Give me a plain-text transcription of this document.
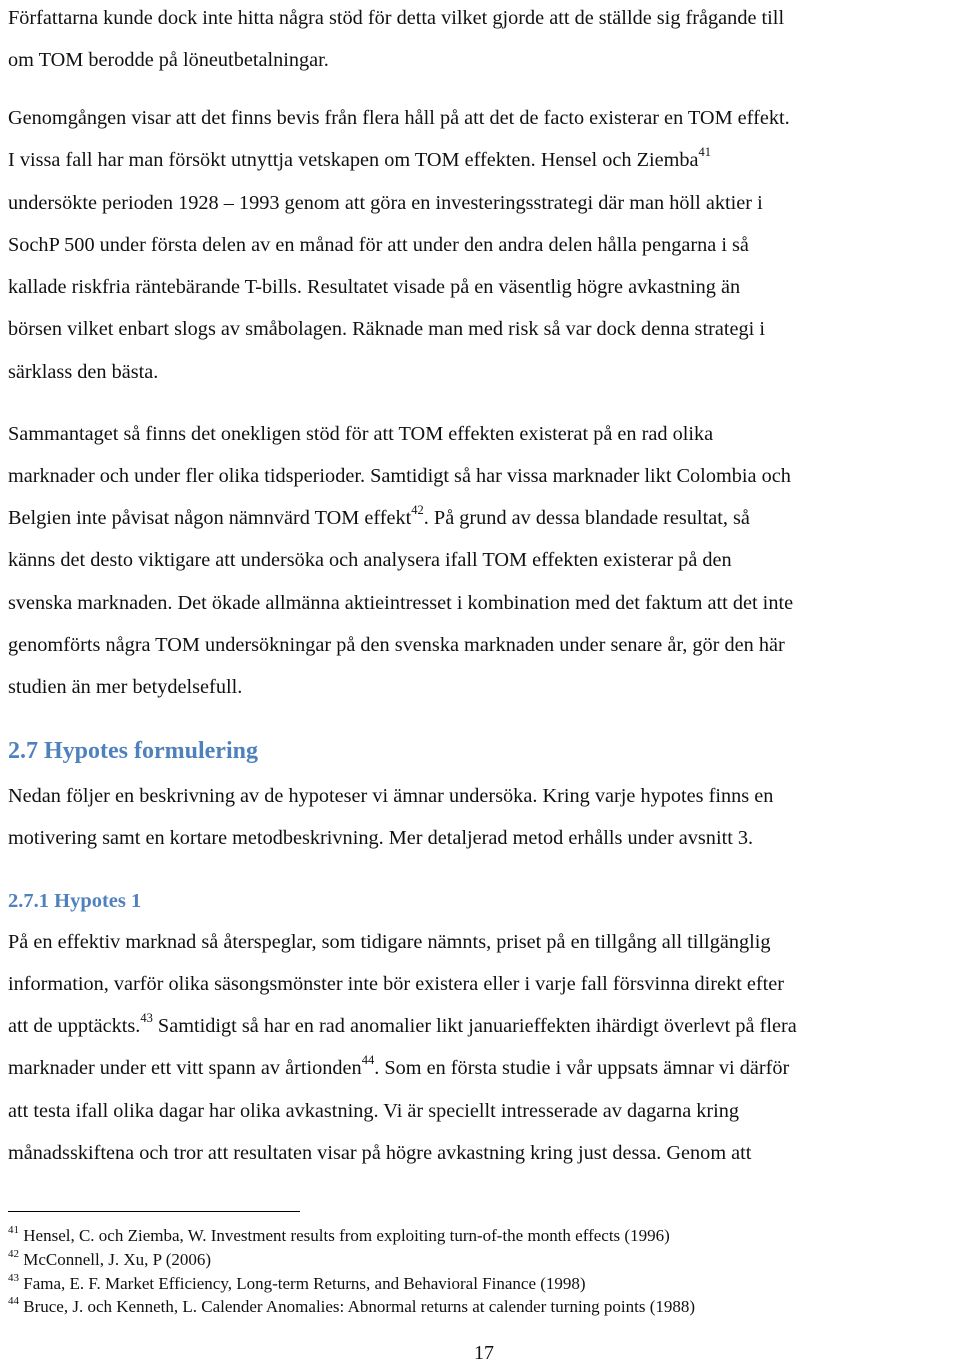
Författarna kunde dock inte hitta några stöd för detta vilket gjorde att de ställde sig frågande till
om TOM berodde på löneutbetalningar.
Genomgången visar att det finns bevis från flera håll på att det de facto existerar en TOM effekt.
I vissa fall har man försökt utnyttja vetskapen om TOM effekten. Hensel och Ziemba$^{41}$
undersökte perioden 1928 – 1993 genom att göra en investeringsstrategi där man höll aktier i
SochP 500 under första delen av en månad för att under den andra delen hålla pengarna i så
kallade riskfria räntebärande T-bills. Resultatet visade på en väsentlig högre avkastning än
börsen vilket enbart slogs av småbolagen. Räknade man med risk så var dock denna strategi i
särklass den bästa.
Sammantaget så finns det onekligen stöd för att TOM effekten existerat på en rad olika
marknader och under fler olika tidsperioder. Samtidigt så har vissa marknader likt Colombia och
Belgien inte påvisat någon nämnvärd TOM effekt$^{42}$. På grund av dessa blandade resultat, så
känns det desto viktigare att undersöka och analysera ifall TOM effekten existerar på den
svenska marknaden. Det ökade allmänna aktieintresset i kombination med det faktum att det inte
genomförts några TOM undersökningar på den svenska marknaden under senare år, gör den här
studien än mer betydelsefull.
2.7 Hypotes formulering
Nedan följer en beskrivning av de hypoteser vi ämnar undersöka. Kring varje hypotes finns en
motivering samt en kortare metodbeskrivning. Mer detaljerad metod erhålls under avsnitt 3.
2.7.1 Hypotes 1
På en effektiv marknad så återspeglar, som tidigare nämnts, priset på en tillgång all tillgänglig
information, varför olika säsongsmönster inte bör existera eller i varje fall försvinna direkt efter
att de upptäckts.$^{43}$ Samtidigt så har en rad anomalier likt januarieffekten ihärdigt överlevt på flera
marknader under ett vitt spann av årtionden$^{44}$. Som en första studie i vår uppsats ämnar vi därför
att testa ifall olika dagar har olika avkastning. Vi är speciellt intresserade av dagarna kring
månadsskiftena och tror att resultaten visar på högre avkastning kring just dessa. Genom att
$^{41}$ Hensel, C. och Ziemba, W. Investment results from exploiting turn-of-the month effects (1996)
$^{42}$ McConnell, J. Xu, P (2006)
$^{43}$ Fama, E. F. Market Efficiency, Long-term Returns, and Behavioral Finance (1998)
$^{44}$ Bruce, J. och Kenneth, L. Calender Anomalies: Abnormal returns at calender turning points (1988)
17
